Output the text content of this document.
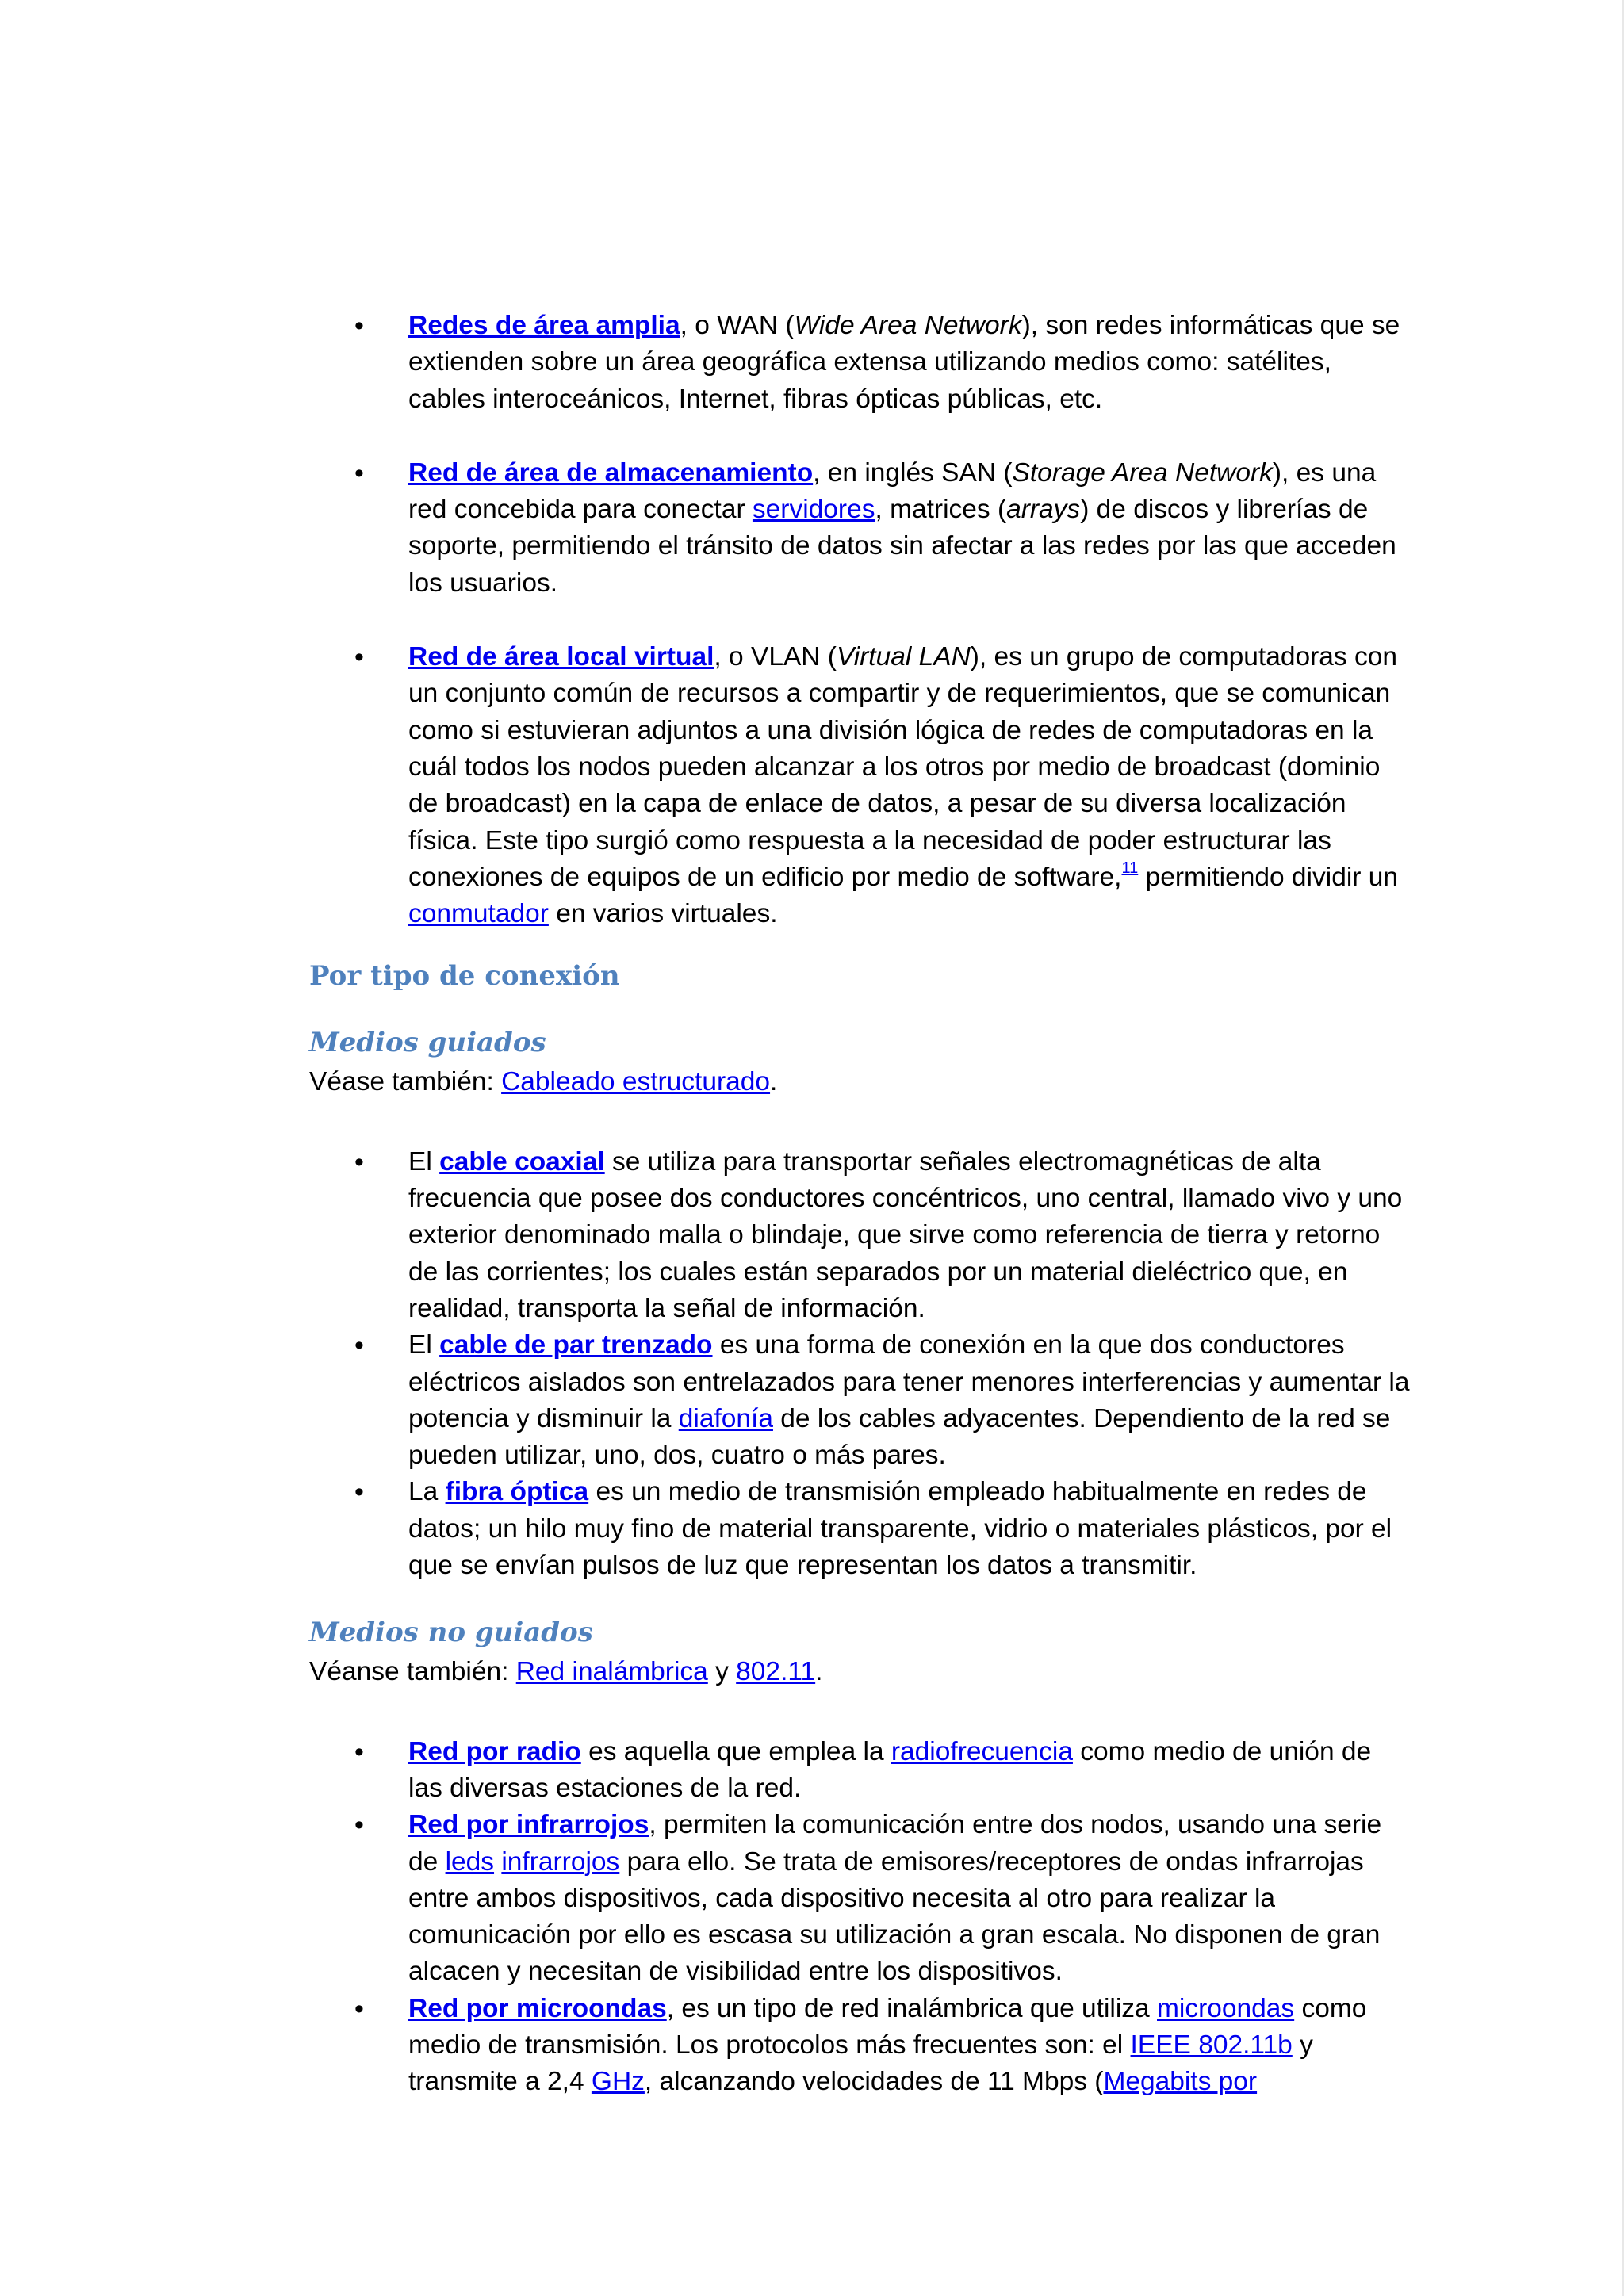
• Redes de área amplia, o WAN (Wide Area Network), son redes informáticas que se extienden sobre un área geográfica extensa utilizando medios como: satélites, cables interoceánicos, Internet, fibras ópticas públicas, etc.
• Red de área de almacenamiento, en inglés SAN (Storage Area Network), es una red concebida para conectar servidores, matrices (arrays) de discos y librerías de soporte, permitiendo el tránsito de datos sin afectar a las redes por las que acceden los usuarios.
• Red de área local virtual, o VLAN (Virtual LAN), es un grupo de computadoras con un conjunto común de recursos a compartir y de requerimientos, que se comunican como si estuvieran adjuntos a una división lógica de redes de computadoras en la cuál todos los nodos pueden alcanzar a los otros por medio de broadcast (dominio de broadcast) en la capa de enlace de datos, a pesar de su diversa localización física. Este tipo surgió como respuesta a la necesidad de poder estructurar las conexiones de equipos de un edificio por medio de software,$^{11}$ permitiendo dividir un conmutador en varios virtuales.
Por tipo de conexión
Medios guiados

Véase también: Cableado estructurado.

• El cable coaxial se utiliza para transportar señales electromagnéticas de alta frecuencia que posee dos conductores concéntricos, uno central, llamado vivo y uno exterior denominado malla o blindaje, que sirve como referencia de tierra y retorno de las corrientes; los cuales están separados por un material dieléctrico que, en realidad, transporta la señal de información.
• El cable de par trenzado es una forma de conexión en la que dos conductores eléctricos aislados son entrelazados para tener menores interferencias y aumentar la potencia y disminuir la diafonía de los cables adyacentes. Dependiento de la red se pueden utilizar, uno, dos, cuatro o más pares.
• La fibra óptica es un medio de transmisión empleado habitualmente en redes de datos; un hilo muy fino de material transparente, vidrio o materiales plásticos, por el que se envían pulsos de luz que representan los datos a transmitir.
Medios no guiados

Véanse también: Red inalámbrica y 802.11.

• Red por radio es aquella que emplea la radiofrecuencia como medio de unión de las diversas estaciones de la red.
• Red por infrarrojos, permiten la comunicación entre dos nodos, usando una serie de leds infrarrojos para ello. Se trata de emisores/receptores de ondas infrarrojas entre ambos dispositivos, cada dispositivo necesita al otro para realizar la comunicación por ello es escasa su utilización a gran escala. No disponen de gran alcacen y necesitan de visibilidad entre los dispositivos.
• Red por microondas, es un tipo de red inalámbrica que utiliza microondas como medio de transmisión. Los protocolos más frecuentes son: el IEEE 802.11b y transmite a 2,4 GHz, alcanzando velocidades de 11 Mbps (Megabits por
